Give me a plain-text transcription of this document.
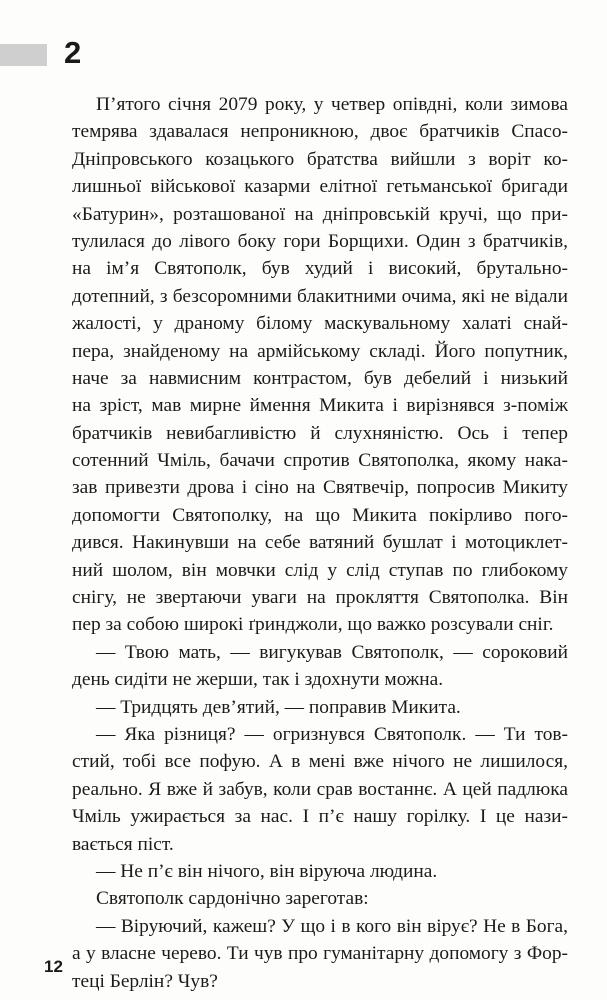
2

П’ятого січня 2079 року, у четвер опівдні, коли зимова
темрява здавалася непроникною, двоє братчиків Спасо-
Дніпровського козацького братства вийшли з воріт ко-
лишньої військової казарми елітної гетьманської бригади
«Батурин», розташованої на дніпровській кручі, що при-
тулилася до лівого боку гори Борщихи. Один з братчиків,
на ім’я Святополк, був худий і високий, брутально-
дотепний, з безсоромними блакитними очима, які не відали
жалості, у драному білому маскувальному халаті снай-
пера, знайденому на армійському складі. Його попутник,
наче за навмисним контрастом, був дебелий і низький
на зріст, мав мирне ймення Микита і вирізнявся з-поміж
братчиків невибагливістю й слухняністю. Ось і тепер
сотенний Чміль, бачачи спротив Святополка, якому нака-
зав привезти дрова і сіно на Святвечір, попросив Микиту
допомогти Святополку, на що Микита покірливо пого-
дився. Накинувши на себе ватяний бушлат і мотоциклет-
ний шолом, він мовчки слід у слід ступав по глибокому
снігу, не звертаючи уваги на прокляття Святополка. Він
пер за собою широкі ґринджоли, що важко розсували сніг.

— Твою мать, — вигукував Святополк, — сороковий
день сидіти не жерши, так і здохнути можна.

— Тридцять дев’ятий, — поправив Микита.

— Яка різниця? — огризнувся Святополк. — Ти тов-
стий, тобі все пофую. А в мені вже нічого не лишилося,
реально. Я вже й забув, коли срав востаннє. А цей падлюка
Чміль ужирається за нас. І п’є нашу горілку. І це нази-
вається піст.

— Не п’є він нічого, він віруюча людина.

Святополк сардонічно зареготав:

— Віруючий, кажеш? У що і в кого він вірує? Не в Бога,
а у власне черево. Ти чув про гуманітарну допомогу з Фор-
теці Берлін? Чув?

12
